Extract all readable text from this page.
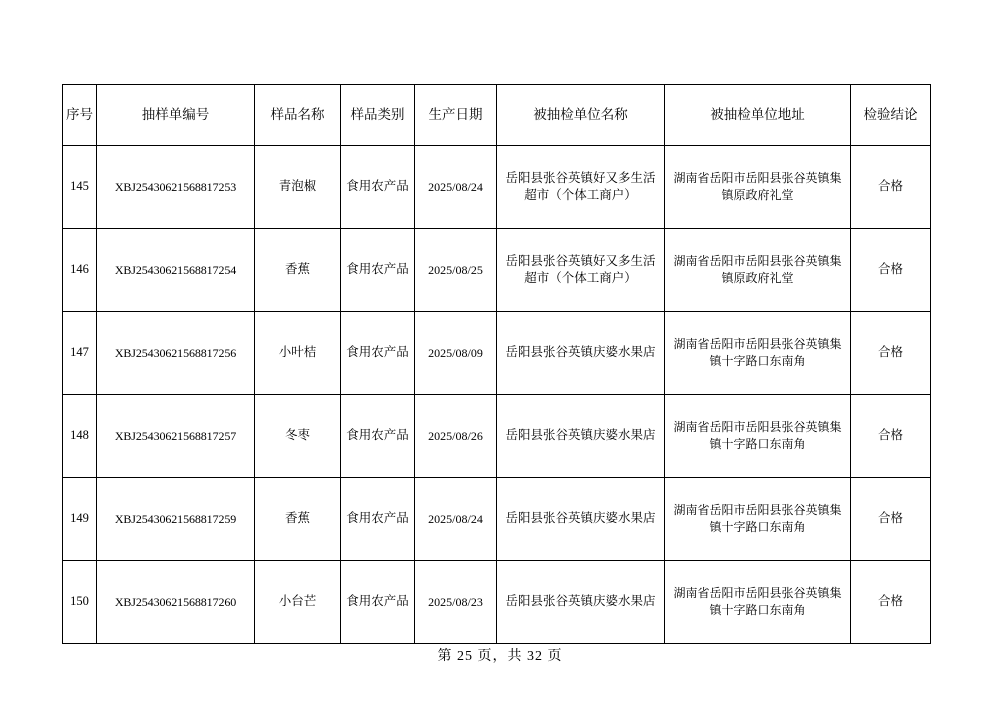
序号	抽样单编号	样品名称	样品类别	生产日期	被抽检单位名称	被抽检单位地址	检验结论
145	XBJ25430621568817253	青泡椒	食用农产品	2025/08/24	岳阳县张谷英镇好又多生活超市（个体工商户）	湖南省岳阳市岳阳县张谷英镇集镇原政府礼堂	合格
146	XBJ25430621568817254	香蕉	食用农产品	2025/08/25	岳阳县张谷英镇好又多生活超市（个体工商户）	湖南省岳阳市岳阳县张谷英镇集镇原政府礼堂	合格
147	XBJ25430621568817256	小叶桔	食用农产品	2025/08/09	岳阳县张谷英镇庆婆水果店	湖南省岳阳市岳阳县张谷英镇集镇十字路口东南角	合格
148	XBJ25430621568817257	冬枣	食用农产品	2025/08/26	岳阳县张谷英镇庆婆水果店	湖南省岳阳市岳阳县张谷英镇集镇十字路口东南角	合格
149	XBJ25430621568817259	香蕉	食用农产品	2025/08/24	岳阳县张谷英镇庆婆水果店	湖南省岳阳市岳阳县张谷英镇集镇十字路口东南角	合格
150	XBJ25430621568817260	小台芒	食用农产品	2025/08/23	岳阳县张谷英镇庆婆水果店	湖南省岳阳市岳阳县张谷英镇集镇十字路口东南角	合格
第 25 页，共 32 页
